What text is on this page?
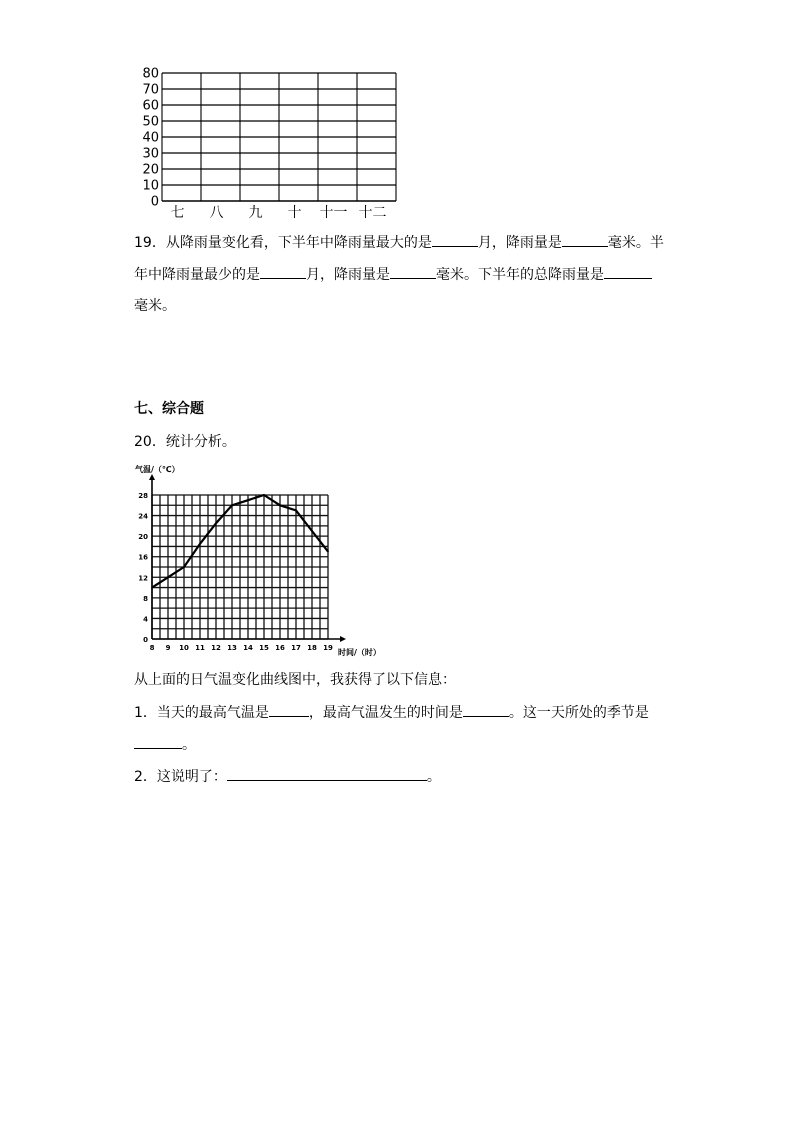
0
10
20
30
40
50
60
70
80
七 八 九 十 十一 十二
19．从降雨量变化看，下半年中降雨量最大的是	月，降雨量是	毫米。半
年中降雨量最少的是	月，降雨量是	毫米。下半年的总降雨量是
毫米。
七、综合题
20．统计分析。
气温/（℃）
时间/（时）
0
4
8
12
16
20
24
28
8 9 10 11 12 13 14 15 16 17 18 19
从上面的日气温变化曲线图中，我获得了以下信息：
1．当天的最高气温是	，最高气温发生的时间是	。这一天所处的季节是
。
2．这说明了：	。
